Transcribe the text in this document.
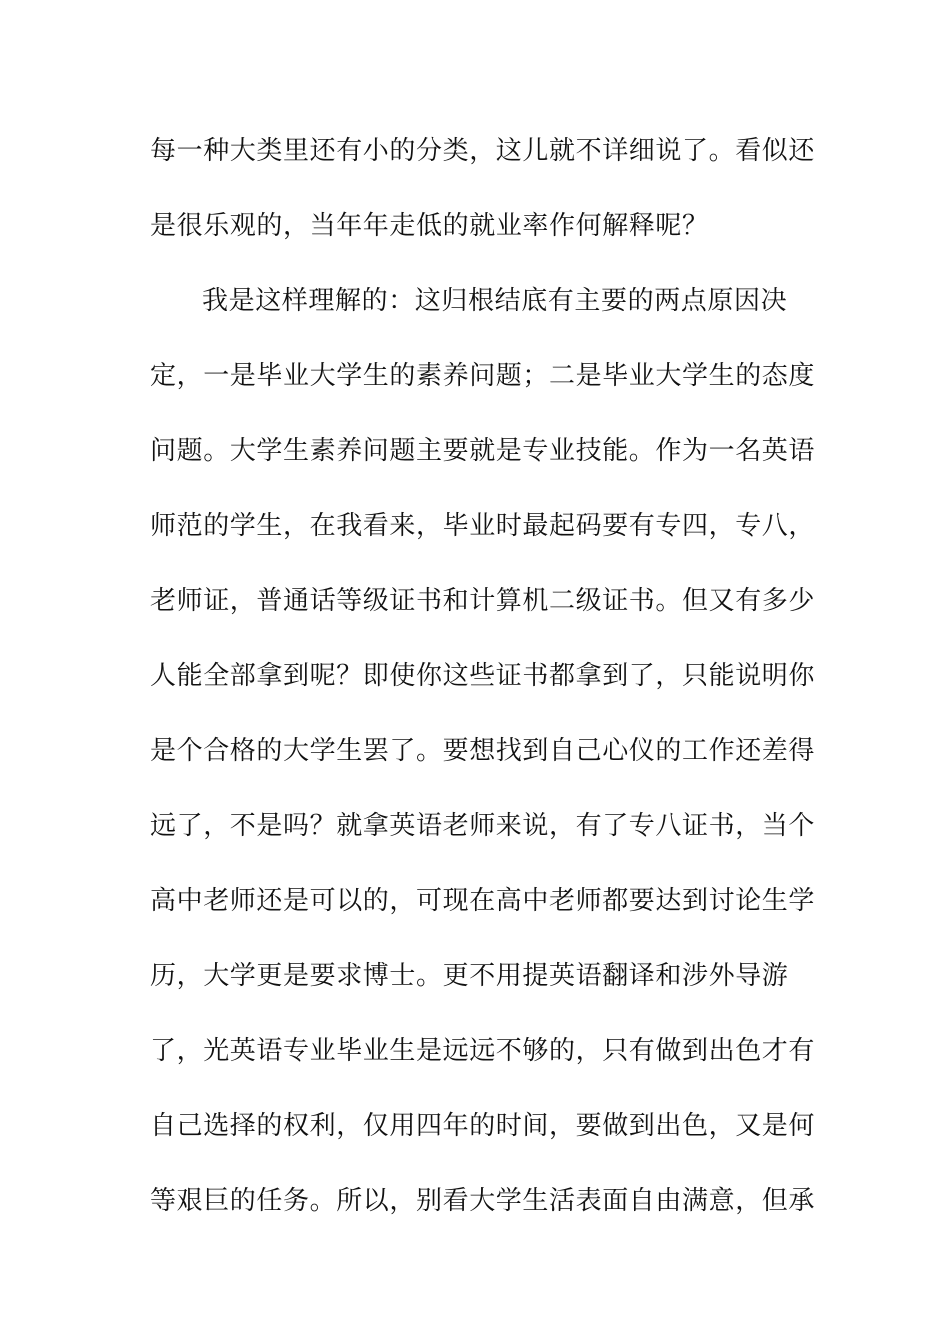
每一种大类里还有小的分类，这儿就不详细说了。看似还
是很乐观的，当年年走低的就业率作何解释呢？
我是这样理解的：这归根结底有主要的两点原因决
定，一是毕业大学生的素养问题；二是毕业大学生的态度
问题。大学生素养问题主要就是专业技能。作为一名英语
师范的学生，在我看来，毕业时最起码要有专四，专八，
老师证，普通话等级证书和计算机二级证书。但又有多少
人能全部拿到呢？即使你这些证书都拿到了，只能说明你
是个合格的大学生罢了。要想找到自己心仪的工作还差得
远了，不是吗？就拿英语老师来说，有了专八证书，当个
高中老师还是可以的，可现在高中老师都要达到讨论生学
历，大学更是要求博士。更不用提英语翻译和涉外导游
了，光英语专业毕业生是远远不够的，只有做到出色才有
自己选择的权利，仅用四年的时间，要做到出色，又是何
等艰巨的任务。所以，别看大学生活表面自由满意，但承
